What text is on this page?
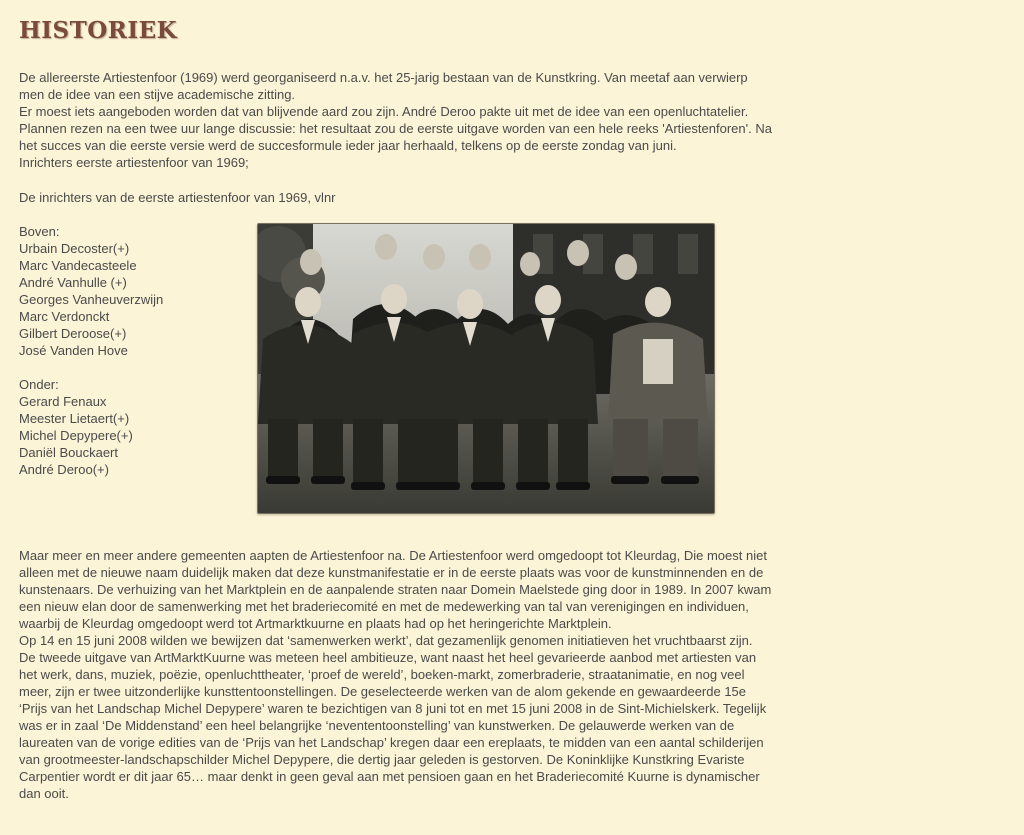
HISTORIEK
De allereerste Artiestenfoor (1969) werd georganiseerd n.a.v. het 25-jarig bestaan van de Kunstkring. Van meetaf aan verwierp
men de idee van een stijve academische zitting.
Er moest iets aangeboden worden dat van blijvende aard zou zijn. André Deroo pakte uit met de idee van een openluchtatelier.
Plannen rezen na een twee uur lange discussie: het resultaat zou de eerste uitgave worden van een hele reeks 'Artiestenforen'. Na
het succes van die eerste versie werd de succesformule ieder jaar herhaald, telkens op de eerste zondag van juni.
Inrichters eerste artiestenfoor van 1969;
De inrichters van de eerste artiestenfoor van 1969, vlnr
Boven:
Urbain Decoster(+)
Marc Vandecasteele
André Vanhulle (+)
Georges Vanheuverzwijn
Marc Verdonckt
Gilbert Deroose(+)
José Vanden Hove
Onder:
Gerard Fenaux
Meester Lietaert(+)
Michel Depypere(+)
Daniël Bouckaert
André Deroo(+)
Maar meer en meer andere gemeenten aapten de Artiestenfoor na. De Artiestenfoor werd omgedoopt tot Kleurdag, Die moest niet
alleen met de nieuwe naam duidelijk maken dat deze kunstmanifestatie er in de eerste plaats was voor de kunstminnenden en de
kunstenaars. De verhuizing van het Marktplein en de aanpalende straten naar Domein Maelstede ging door in 1989. In 2007 kwam
een nieuw elan door de samenwerking met het braderiecomité en met de medewerking van tal van verenigingen en individuen,
waarbij de Kleurdag omgedoopt werd tot Artmarktkuurne en plaats had op het heringerichte Marktplein.
Op 14 en 15 juni 2008 wilden we bewijzen dat ‘samenwerken werkt’, dat gezamenlijk genomen initiatieven het vruchtbaarst zijn.
De tweede uitgave van ArtMarktKuurne was meteen heel ambitieuze, want naast het heel gevarieerde aanbod met artiesten van
het werk, dans, muziek, poëzie, openluchttheater, ‘proef de wereld’, boeken-markt, zomerbraderie, straatanimatie, en nog veel
meer, zijn er twee uitzonderlijke kunsttentoonstellingen. De geselecteerde werken van de alom gekende en gewaardeerde 15e
‘Prijs van het Landschap Michel Depypere’ waren te bezichtigen van 8 juni tot en met 15 juni 2008 in de Sint-Michielskerk. Tegelijk
was er in zaal ‘De Middenstand’ een heel belangrijke ‘nevententoonstelling’ van kunstwerken. De gelauwerde werken van de
laureaten van de vorige edities van de ‘Prijs van het Landschap’ kregen daar een ereplaats, te midden van een aantal schilderijen
van grootmeester-landschapschilder Michel Depypere, die dertig jaar geleden is gestorven. De Koninklijke Kunstkring Evariste
Carpentier wordt er dit jaar 65… maar denkt in geen geval aan met pensioen gaan en het Braderiecomité Kuurne is dynamischer
dan ooit.
